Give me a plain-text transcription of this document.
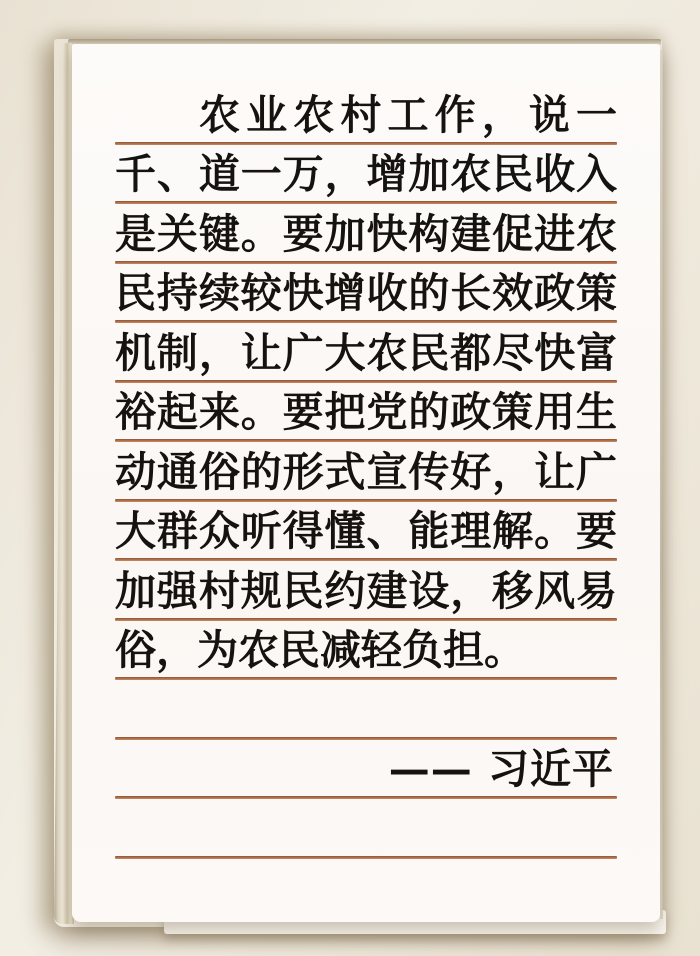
农业农村工作，说一
千、道一万，增加农民收入
是关键。要加快构建促进农
民持续较快增收的长效政策
机制，让广大农民都尽快富
裕起来。要把党的政策用生
动通俗的形式宣传好，让广
大群众听得懂、能理解。要
加强村规民约建设，移风易
俗，为农民减轻负担。
—— 习近平
